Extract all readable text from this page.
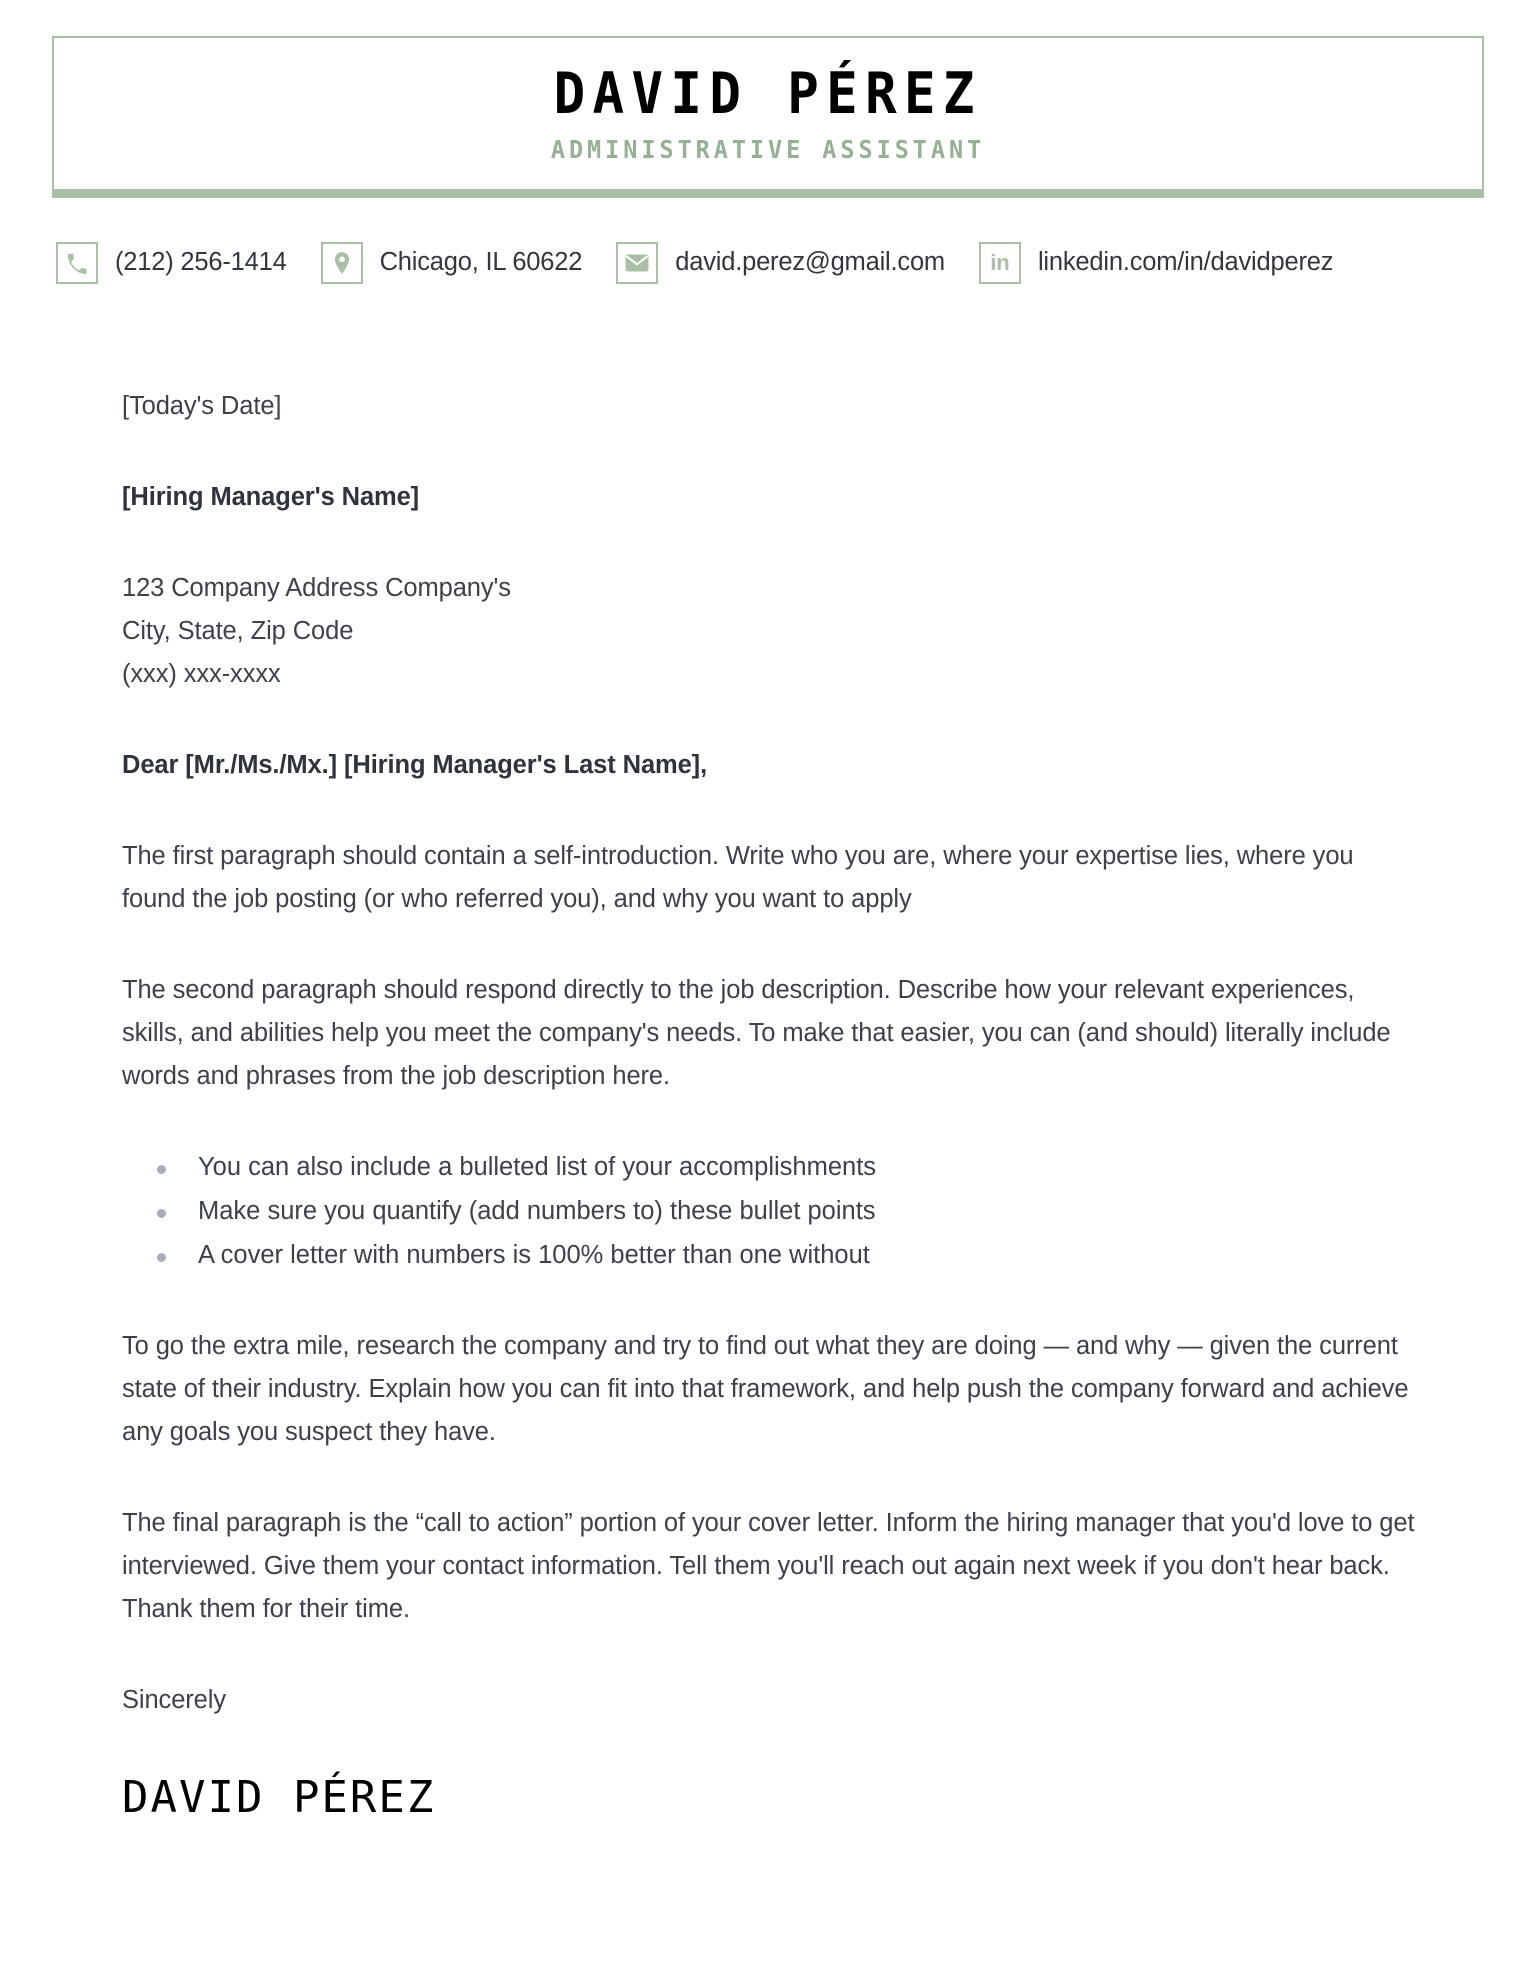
DAVID PÉREZ
ADMINISTRATIVE ASSISTANT
(212) 256-1414	Chicago, IL 60622	david.perez@gmail.com in linkedin.com/in/davidperez

[Today's Date]

[Hiring Manager's Name]

123 Company Address Company's

City, State, Zip Code

(xxx) xxx-xxxx

Dear [Mr./Ms./Mx.] [Hiring Manager's Last Name],

The first paragraph should contain a self-introduction. Write who you are, where your expertise lies, where you found the job posting (or who referred you), and why you want to apply

The second paragraph should respond directly to the job description. Describe how your relevant experiences, skills, and abilities help you meet the company's needs. To make that easier, you can (and should) literally include words and phrases from the job description here.

You can also include a bulleted list of your accomplishments
Make sure you quantify (add numbers to) these bullet points
A cover letter with numbers is 100% better than one without

To go the extra mile, research the company and try to find out what they are doing — and why — given the current state of their industry. Explain how you can fit into that framework, and help push the company forward and achieve any goals you suspect they have.

The final paragraph is the “call to action” portion of your cover letter. Inform the hiring manager that you'd love to get interviewed. Give them your contact information. Tell them you'll reach out again next week if you don't hear back. Thank them for their time.

Sincerely

DAVID PÉREZ
